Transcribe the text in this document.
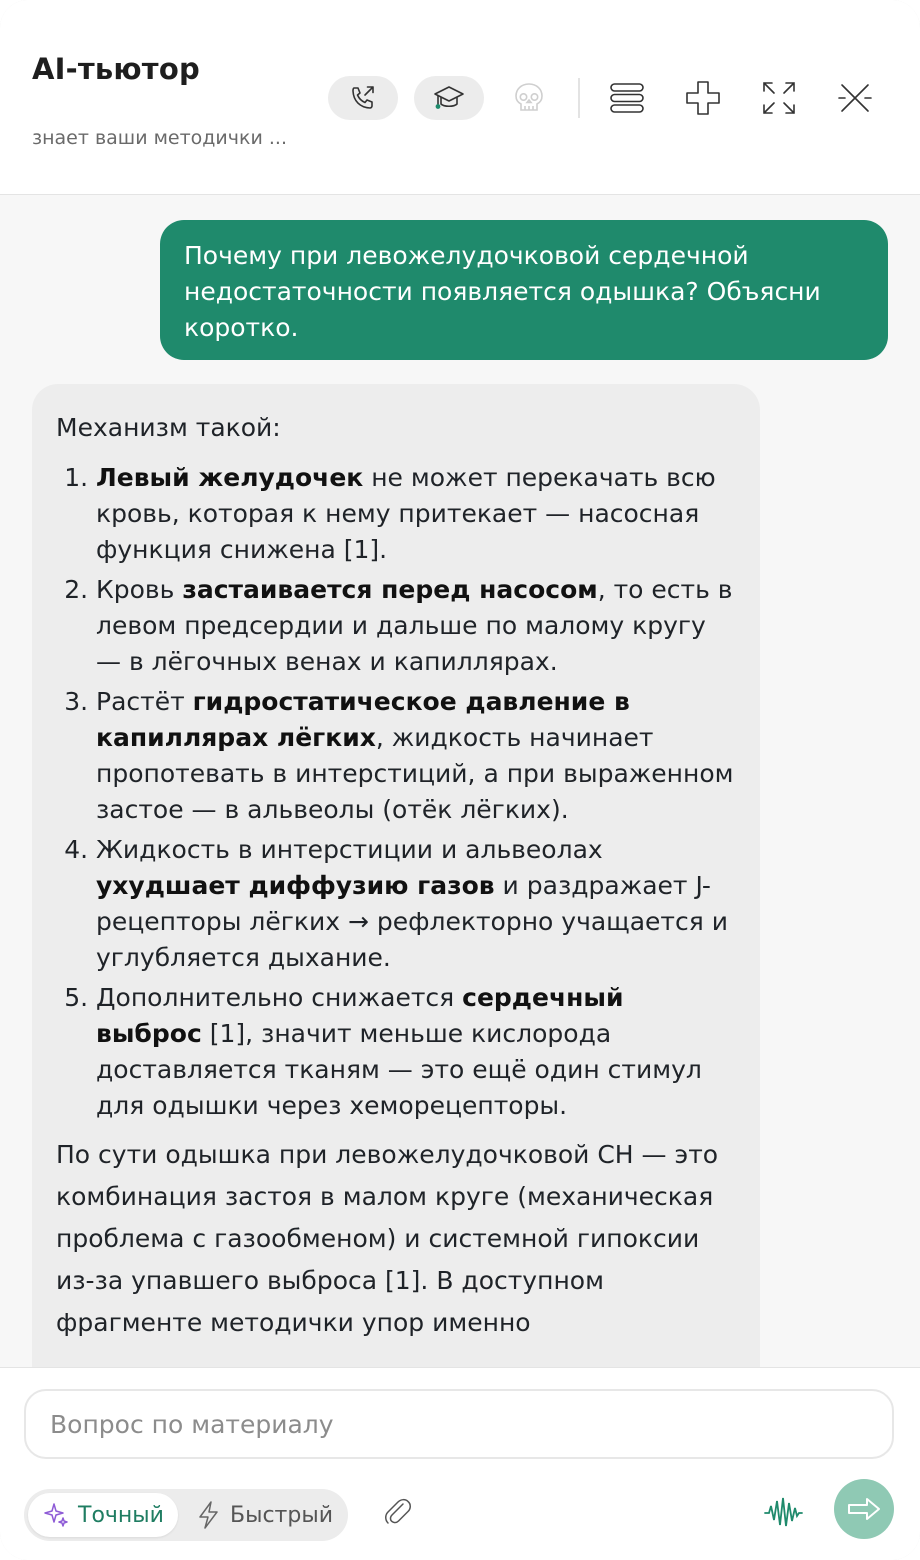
AI-тьютор
знает ваши методички ...
Почему при левожелудочковой сердечной недостаточности появляется одышка? Объясни коротко.
Механизм такой:
1. Левый желудочек не может перекачать всю кровь, которая к нему притекает — насосная функция снижена [1].
2. Кровь застаивается перед насосом, то есть в левом предсердии и дальше по малому кругу — в лёгочных венах и капиллярах.
3. Растёт гидростатическое давление в капиллярах лёгких, жидкость начинает пропотевать в интерстиций, а при выраженном застое — в альвеолы (отёк лёгких).
4. Жидкость в интерстиции и альвеолах ухудшает диффузию газов и раздражает J-рецепторы лёгких → рефлекторно учащается и углубляется дыхание.
5. Дополнительно снижается сердечный выброс [1], значит меньше кислорода доставляется тканям — это ещё один стимул для одышки через хеморецепторы.
По сути одышка при левожелудочковой СН — это комбинация застоя в малом круге (механическая проблема с газообменом) и системной гипоксии из-за упавшего выброса [1]. В доступном фрагменте методички упор именно
Вопрос по материалу
Точный	Быстрый
